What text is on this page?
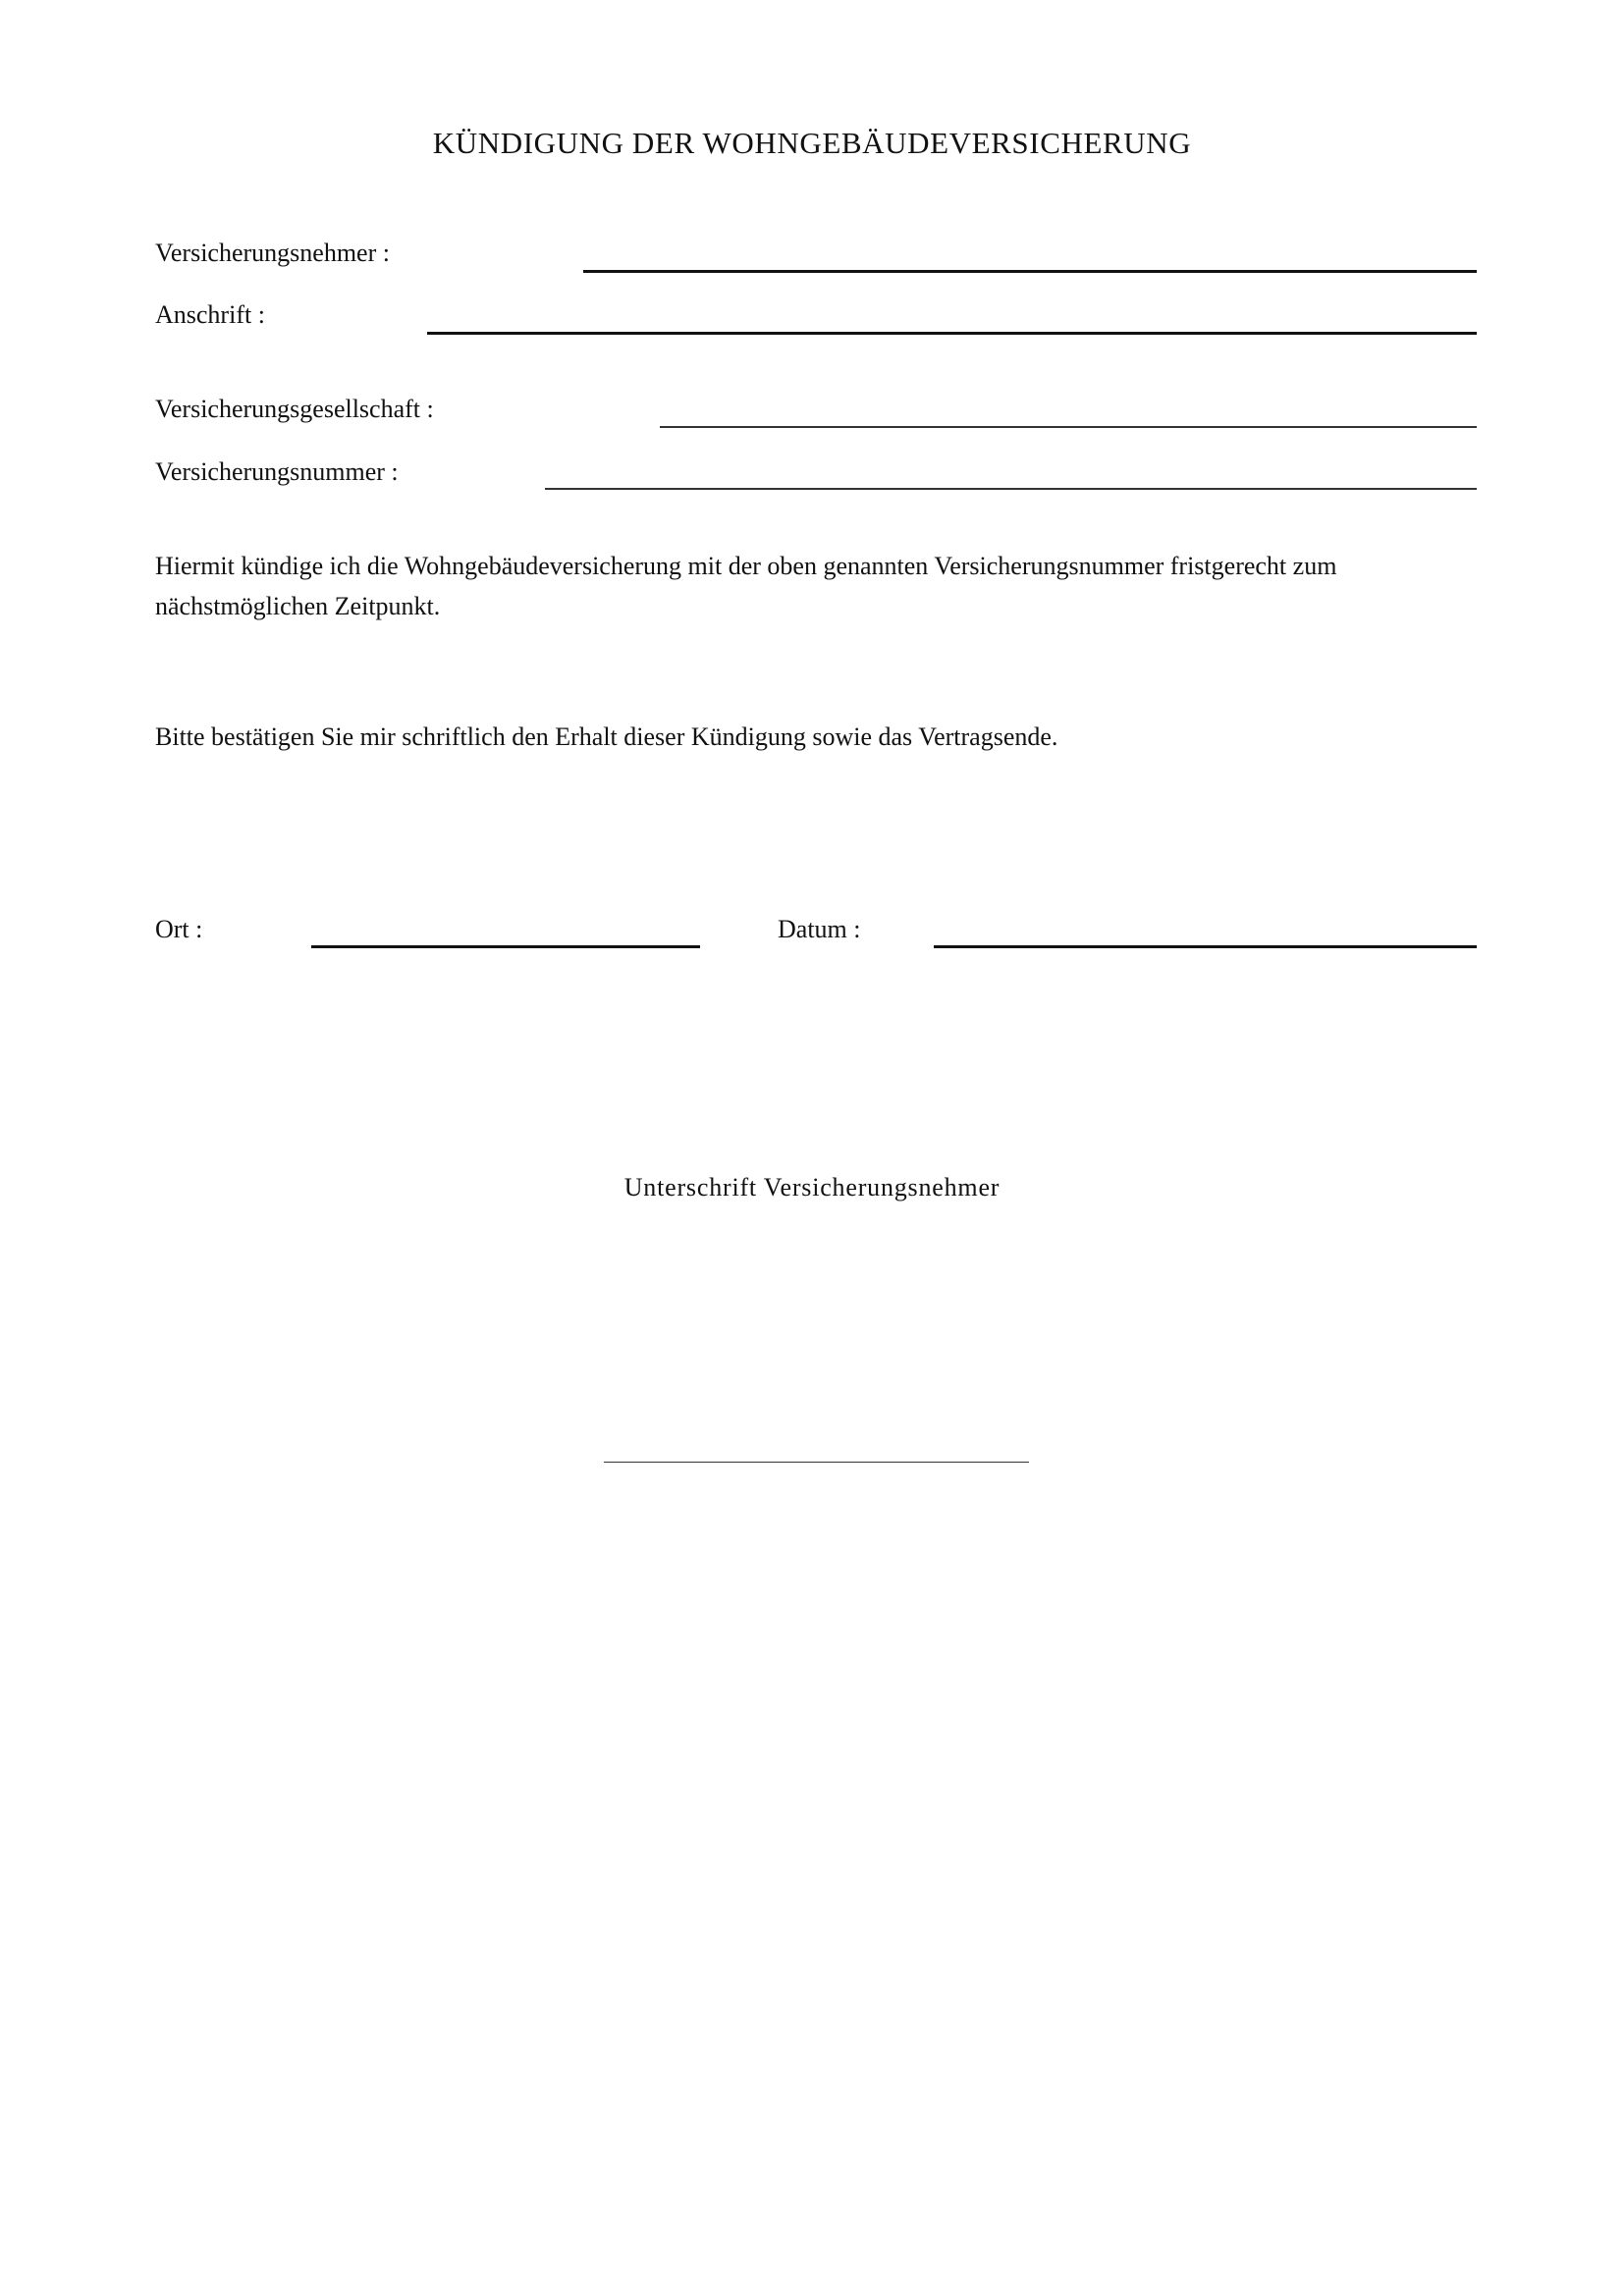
KÜNDIGUNG DER WOHNGEBÄUDEVERSICHERUNG
Versicherungsnehmer :
Anschrift :
Versicherungsgesellschaft :
Versicherungsnummer :
Hiermit kündige ich die Wohngebäudeversicherung mit der oben genannten Versicherungsnummer fristgerecht zum nächstmöglichen Zeitpunkt.
Bitte bestätigen Sie mir schriftlich den Erhalt dieser Kündigung sowie das Vertragsende.
Ort :	Datum :
Unterschrift Versicherungsnehmer
